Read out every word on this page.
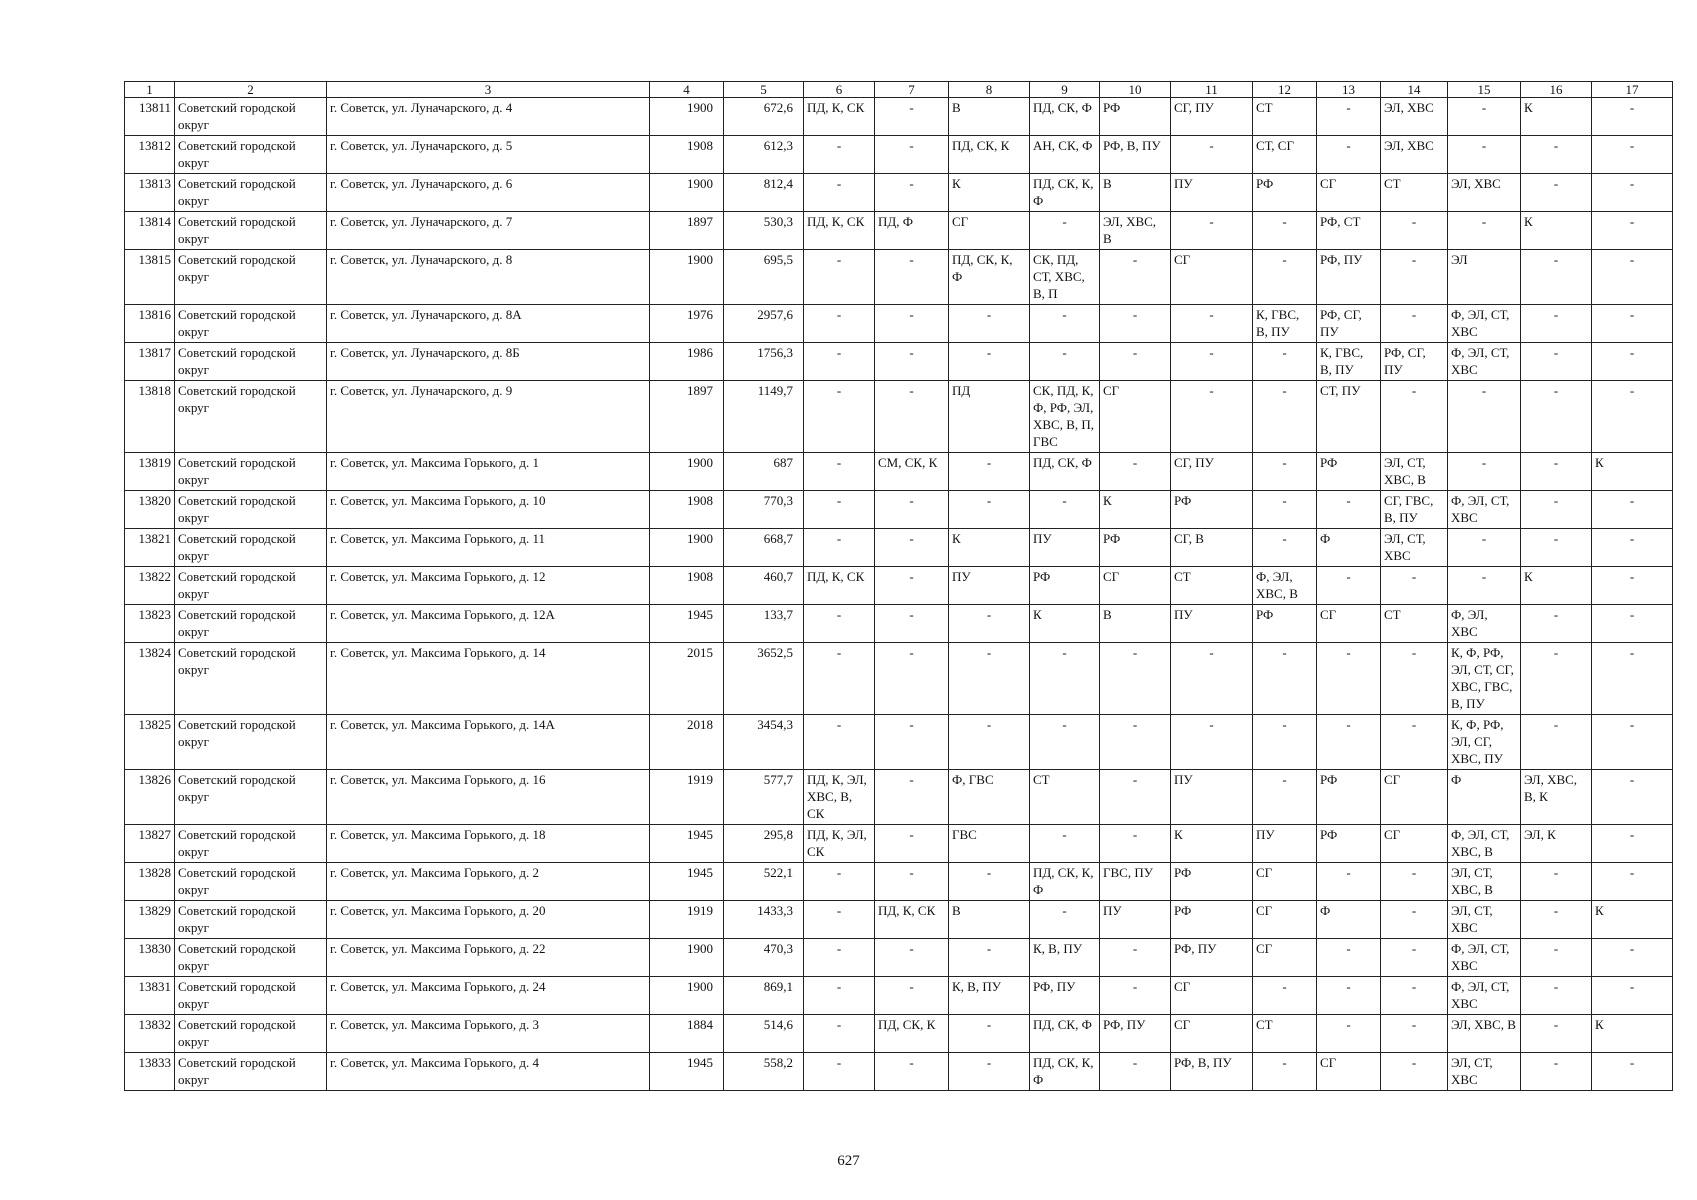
1	2	3	4	5	6	7	8	9	10	11	12	13	14	15	16	17
13811	Советский городской округ	г. Советск, ул. Луначарского, д. 4	1900	672,6	ПД, К, СК	-	В	ПД, СК, Ф	РФ	СГ, ПУ	СТ	-	ЭЛ, ХВС	-	К	-
13812	Советский городской округ	г. Советск, ул. Луначарского, д. 5	1908	612,3	-	-	ПД, СК, К	АН, СК, Ф	РФ, В, ПУ	-	СТ, СГ	-	ЭЛ, ХВС	-	-	-
13813	Советский городской округ	г. Советск, ул. Луначарского, д. 6	1900	812,4	-	-	К	ПД, СК, К, Ф	В	ПУ	РФ	СГ	СТ	ЭЛ, ХВС	-	-
13814	Советский городской округ	г. Советск, ул. Луначарского, д. 7	1897	530,3	ПД, К, СК	ПД, Ф	СГ	-	ЭЛ, ХВС, В	-	-	РФ, СТ	-	-	К	-
13815	Советский городской округ	г. Советск, ул. Луначарского, д. 8	1900	695,5	-	-	ПД, СК, К, Ф	СК, ПД, СТ, ХВС, В, П	-	СГ	-	РФ, ПУ	-	ЭЛ	-	-
13816	Советский городской округ	г. Советск, ул. Луначарского, д. 8А	1976	2957,6	-	-	-	-	-	-	К, ГВС, В, ПУ	РФ, СГ, ПУ	-	Ф, ЭЛ, СТ, ХВС	-	-
13817	Советский городской округ	г. Советск, ул. Луначарского, д. 8Б	1986	1756,3	-	-	-	-	-	-	-	К, ГВС, В, ПУ	РФ, СГ, ПУ	Ф, ЭЛ, СТ, ХВС	-	-
13818	Советский городской округ	г. Советск, ул. Луначарского, д. 9	1897	1149,7	-	-	ПД	СК, ПД, К, Ф, РФ, ЭЛ, ХВС, В, П, ГВС	СГ	-	-	СТ, ПУ	-	-	-	-
13819	Советский городской округ	г. Советск, ул. Максима Горького, д. 1	1900	687	-	СМ, СК, К	-	ПД, СК, Ф	-	СГ, ПУ	-	РФ	ЭЛ, СТ, ХВС, В	-	-	К
13820	Советский городской округ	г. Советск, ул. Максима Горького, д. 10	1908	770,3	-	-	-	-	К	РФ	-	-	СГ, ГВС, В, ПУ	Ф, ЭЛ, СТ, ХВС	-	-
13821	Советский городской округ	г. Советск, ул. Максима Горького, д. 11	1900	668,7	-	-	К	ПУ	РФ	СГ, В	-	Ф	ЭЛ, СТ, ХВС	-	-	-
13822	Советский городской округ	г. Советск, ул. Максима Горького, д. 12	1908	460,7	ПД, К, СК	-	ПУ	РФ	СГ	СТ	Ф, ЭЛ, ХВС, В	-	-	-	К	-
13823	Советский городской округ	г. Советск, ул. Максима Горького, д. 12А	1945	133,7	-	-	-	К	В	ПУ	РФ	СГ	СТ	Ф, ЭЛ, ХВС	-	-
13824	Советский городской округ	г. Советск, ул. Максима Горького, д. 14	2015	3652,5	-	-	-	-	-	-	-	-	-	К, Ф, РФ, ЭЛ, СТ, СГ, ХВС, ГВС, В, ПУ	-	-
13825	Советский городской округ	г. Советск, ул. Максима Горького, д. 14А	2018	3454,3	-	-	-	-	-	-	-	-	-	К, Ф, РФ, ЭЛ, СГ, ХВС, ПУ	-	-
13826	Советский городской округ	г. Советск, ул. Максима Горького, д. 16	1919	577,7	ПД, К, ЭЛ, ХВС, В, СК	-	Ф, ГВС	СТ	-	ПУ	-	РФ	СГ	Ф	ЭЛ, ХВС, В, К	-
13827	Советский городской округ	г. Советск, ул. Максима Горького, д. 18	1945	295,8	ПД, К, ЭЛ, СК	-	ГВС	-	-	К	ПУ	РФ	СГ	Ф, ЭЛ, СТ, ХВС, В	ЭЛ, К	-
13828	Советский городской округ	г. Советск, ул. Максима Горького, д. 2	1945	522,1	-	-	-	ПД, СК, К, Ф	ГВС, ПУ	РФ	СГ	-	-	ЭЛ, СТ, ХВС, В	-	-
13829	Советский городской округ	г. Советск, ул. Максима Горького, д. 20	1919	1433,3	-	ПД, К, СК	В	-	ПУ	РФ	СГ	Ф	-	ЭЛ, СТ, ХВС	-	К
13830	Советский городской округ	г. Советск, ул. Максима Горького, д. 22	1900	470,3	-	-	-	К, В, ПУ	-	РФ, ПУ	СГ	-	-	Ф, ЭЛ, СТ, ХВС	-	-
13831	Советский городской округ	г. Советск, ул. Максима Горького, д. 24	1900	869,1	-	-	К, В, ПУ	РФ, ПУ	-	СГ	-	-	-	Ф, ЭЛ, СТ, ХВС	-	-
13832	Советский городской округ	г. Советск, ул. Максима Горького, д. 3	1884	514,6	-	ПД, СК, К	-	ПД, СК, Ф	РФ, ПУ	СГ	СТ	-	-	ЭЛ, ХВС, В	-	К
13833	Советский городской округ	г. Советск, ул. Максима Горького, д. 4	1945	558,2	-	-	-	ПД, СК, К, Ф	-	РФ, В, ПУ	-	СГ	-	ЭЛ, СТ, ХВС	-	-
627
